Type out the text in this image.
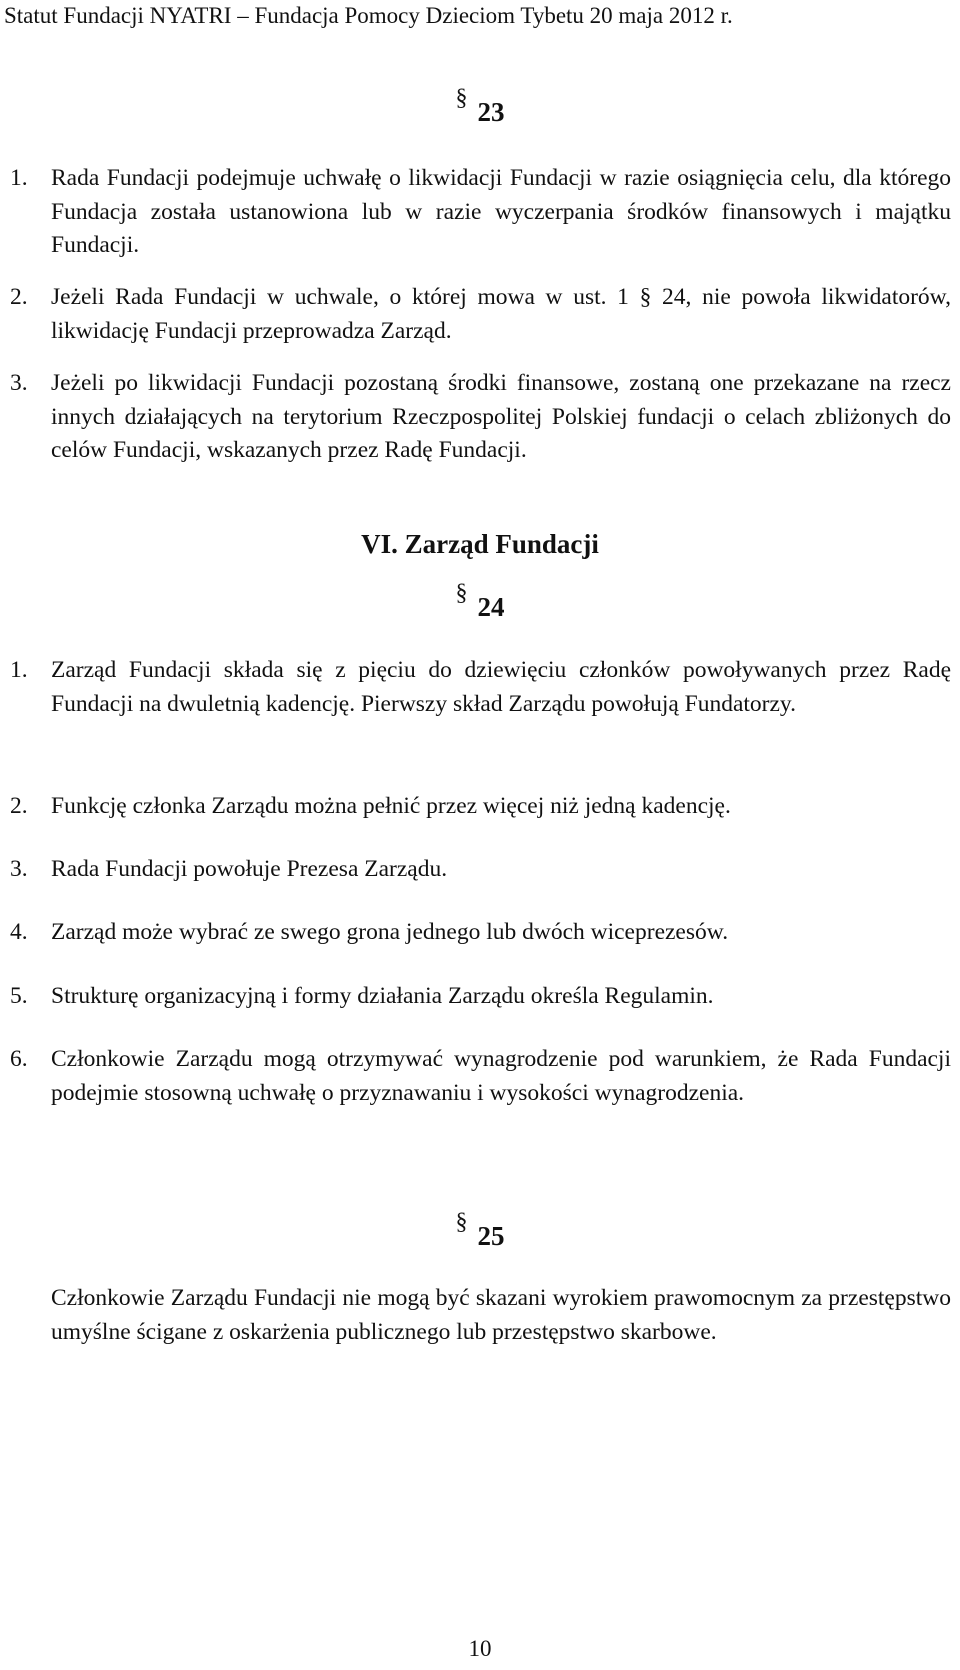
Statut Fundacji NYATRI – Fundacja Pomocy Dzieciom Tybetu 20 maja 2012 r.
§ 23
1. Rada Fundacji podejmuje uchwałę o likwidacji Fundacji w razie osiągnięcia celu, dla którego Fundacja została ustanowiona lub w razie wyczerpania środków finansowych i majątku Fundacji.
2. Jeżeli Rada Fundacji w uchwale, o której mowa w ust. 1 § 24, nie powoła likwidatorów, likwidację Fundacji przeprowadza Zarząd.
3. Jeżeli po likwidacji Fundacji pozostaną środki finansowe, zostaną one przekazane na rzecz innych działających na terytorium Rzeczpospolitej Polskiej fundacji o celach zbliżonych do celów Fundacji, wskazanych przez Radę Fundacji.
VI. Zarząd Fundacji
§ 24
1. Zarząd Fundacji składa się z pięciu do dziewięciu członków powoływanych przez Radę Fundacji na dwuletnią kadencję. Pierwszy skład Zarządu powołują Fundatorzy.
2. Funkcję członka Zarządu można pełnić przez więcej niż jedną kadencję.
3. Rada Fundacji powołuje Prezesa Zarządu.
4. Zarząd może wybrać ze swego grona jednego lub dwóch wiceprezesów.
5. Strukturę organizacyjną i formy działania Zarządu określa Regulamin.
6. Członkowie Zarządu mogą otrzymywać wynagrodzenie pod warunkiem, że Rada Fundacji podejmie stosowną uchwałę o przyznawaniu i wysokości wynagrodzenia.
§ 25
Członkowie Zarządu Fundacji nie mogą być skazani wyrokiem prawomocnym za przestępstwo umyślne ścigane z oskarżenia publicznego lub przestępstwo skarbowe.
10
